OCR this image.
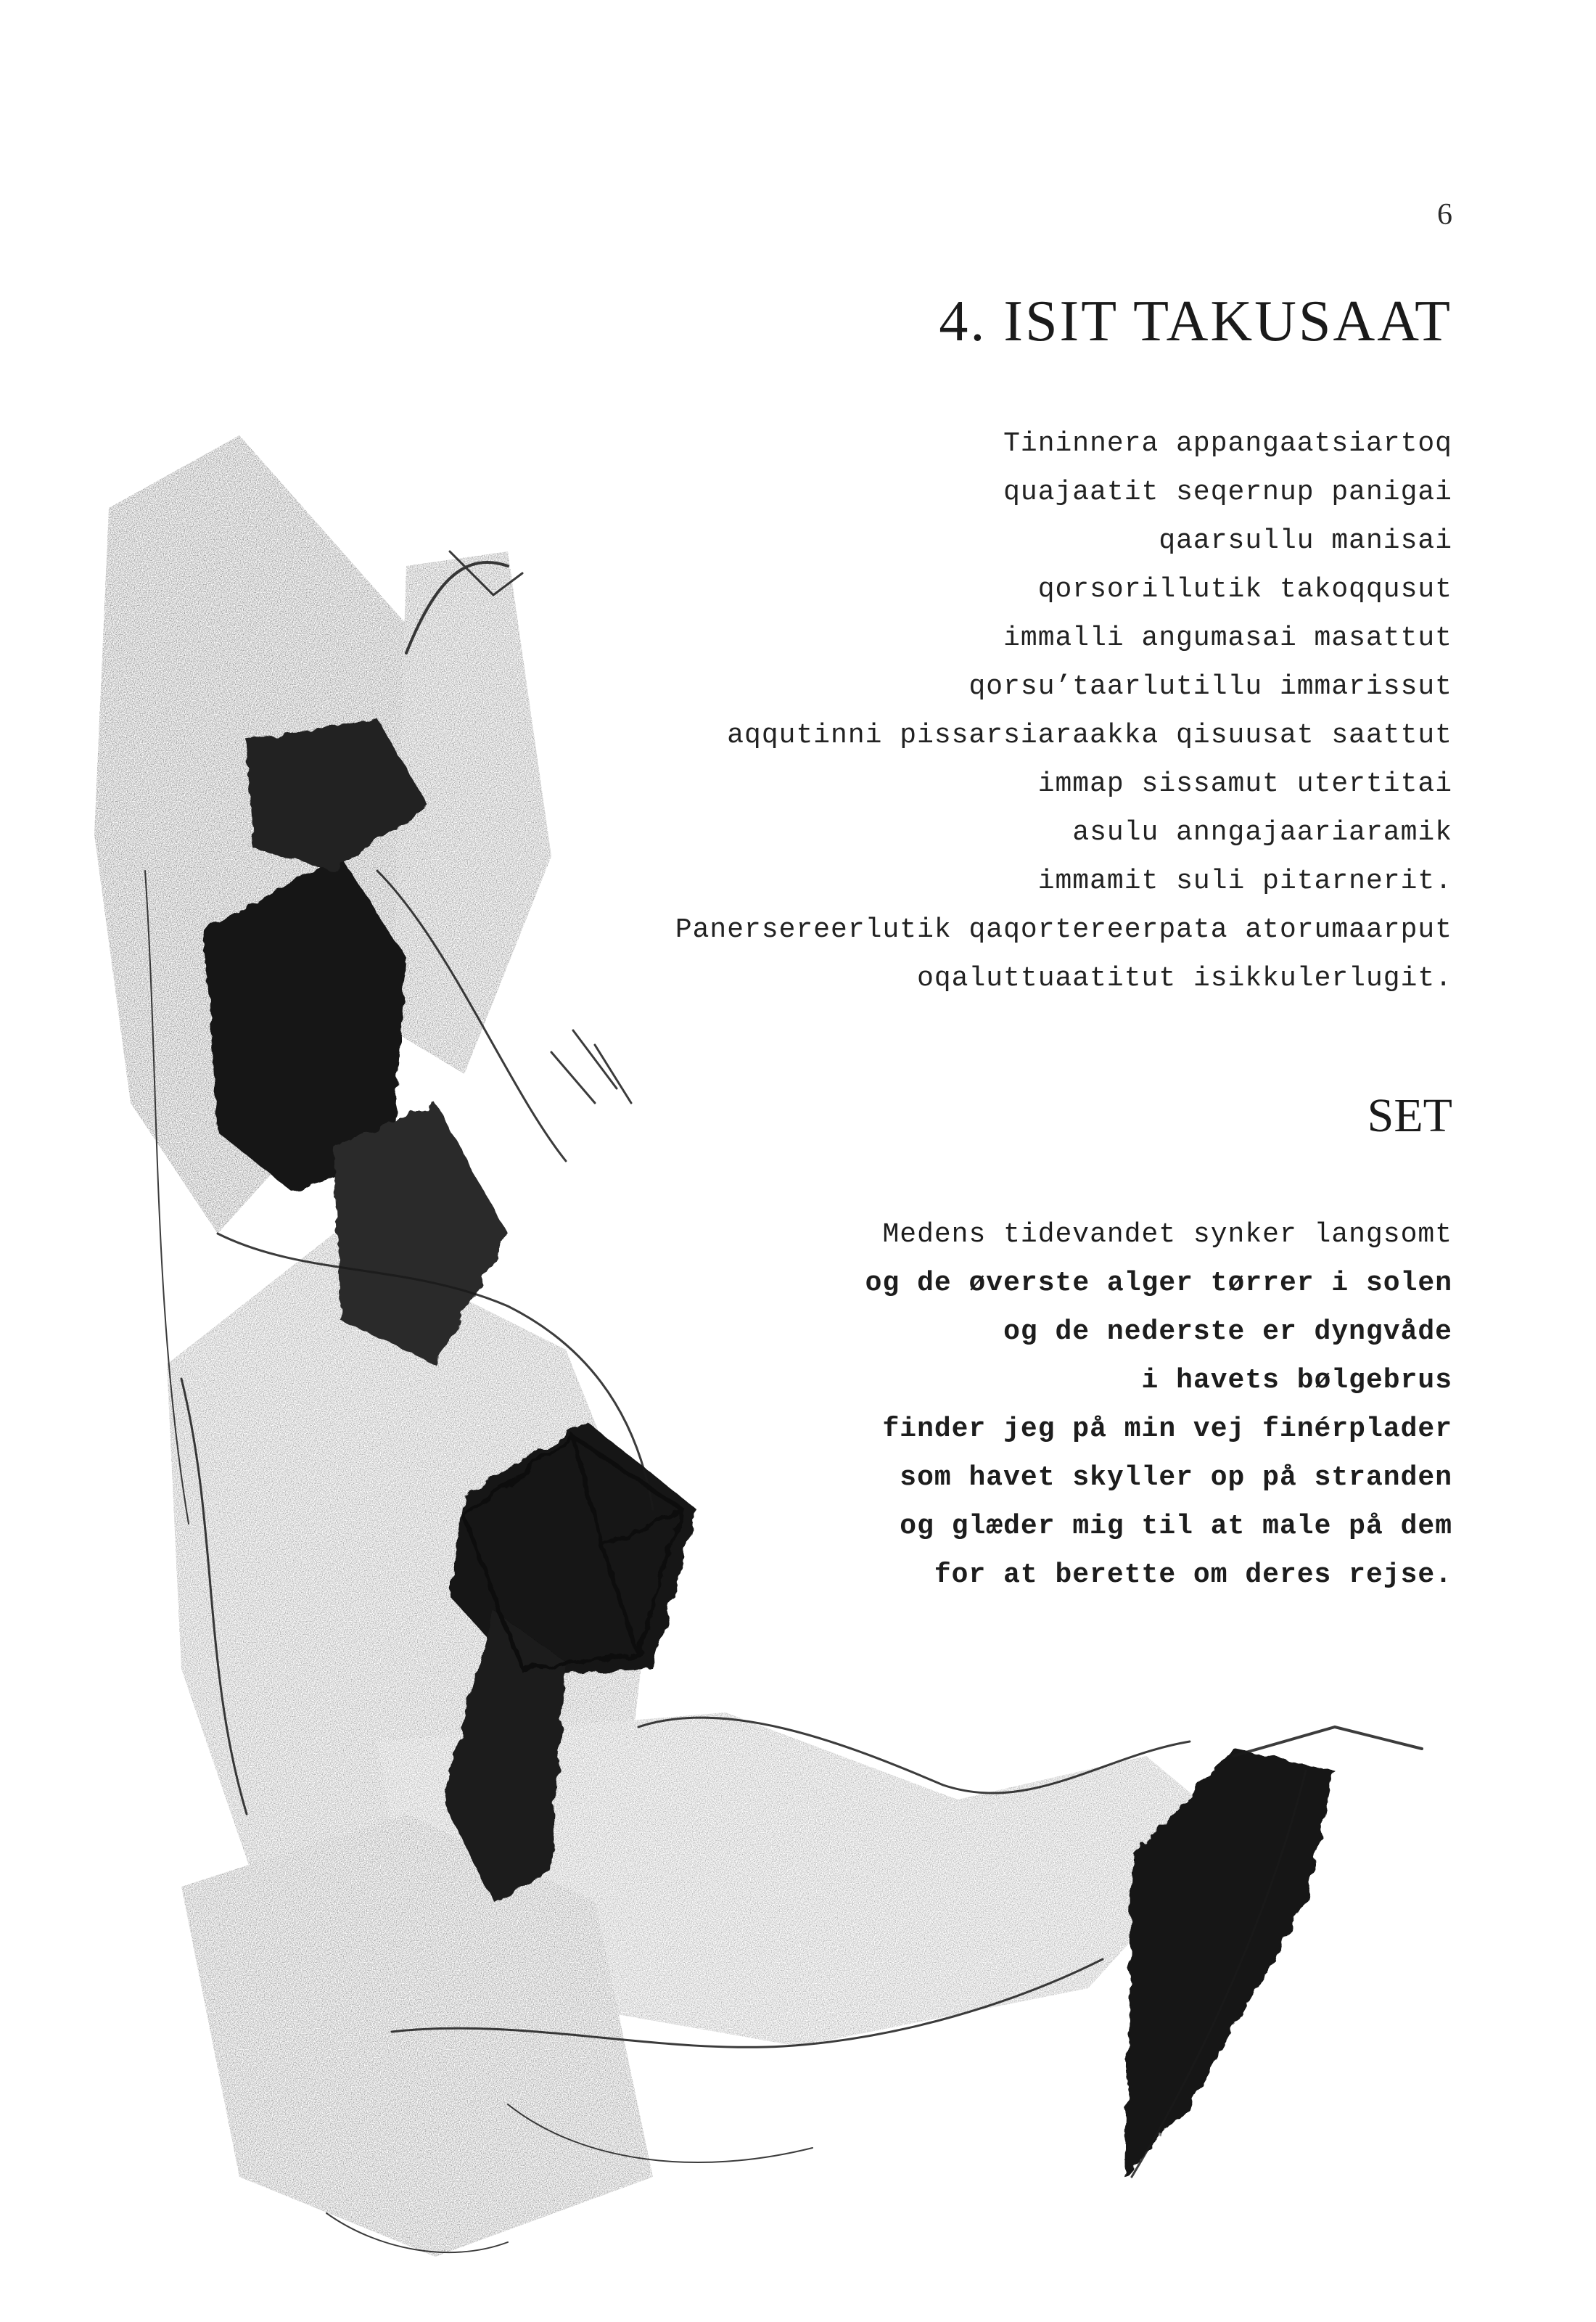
6
4. ISIT TAKUSAAT
Tininnera appangaatsiartoq
quajaatit seqernup panigai
qaarsullu manisai
qorsorillutik takoqqusut
immalli angumasai masattut
qorsu’taarlutillu immarissut
aqqutinni pissarsiaraakka qisuusat saattut
immap sissamut utertitai
asulu anngajaariaramik
immamit suli pitarnerit.
Panersereerlutik qaqortereerpata atorumaarput
oqaluttuaatitut isikkulerlugit.
SET
Medens tidevandet synker langsomt
og de øverste alger tørrer i solen
og de nederste er dyngvåde
i havets bølgebrus
finder jeg på min vej finérplader
som havet skyller op på stranden
og glæder mig til at male på dem
for at berette om deres rejse.
